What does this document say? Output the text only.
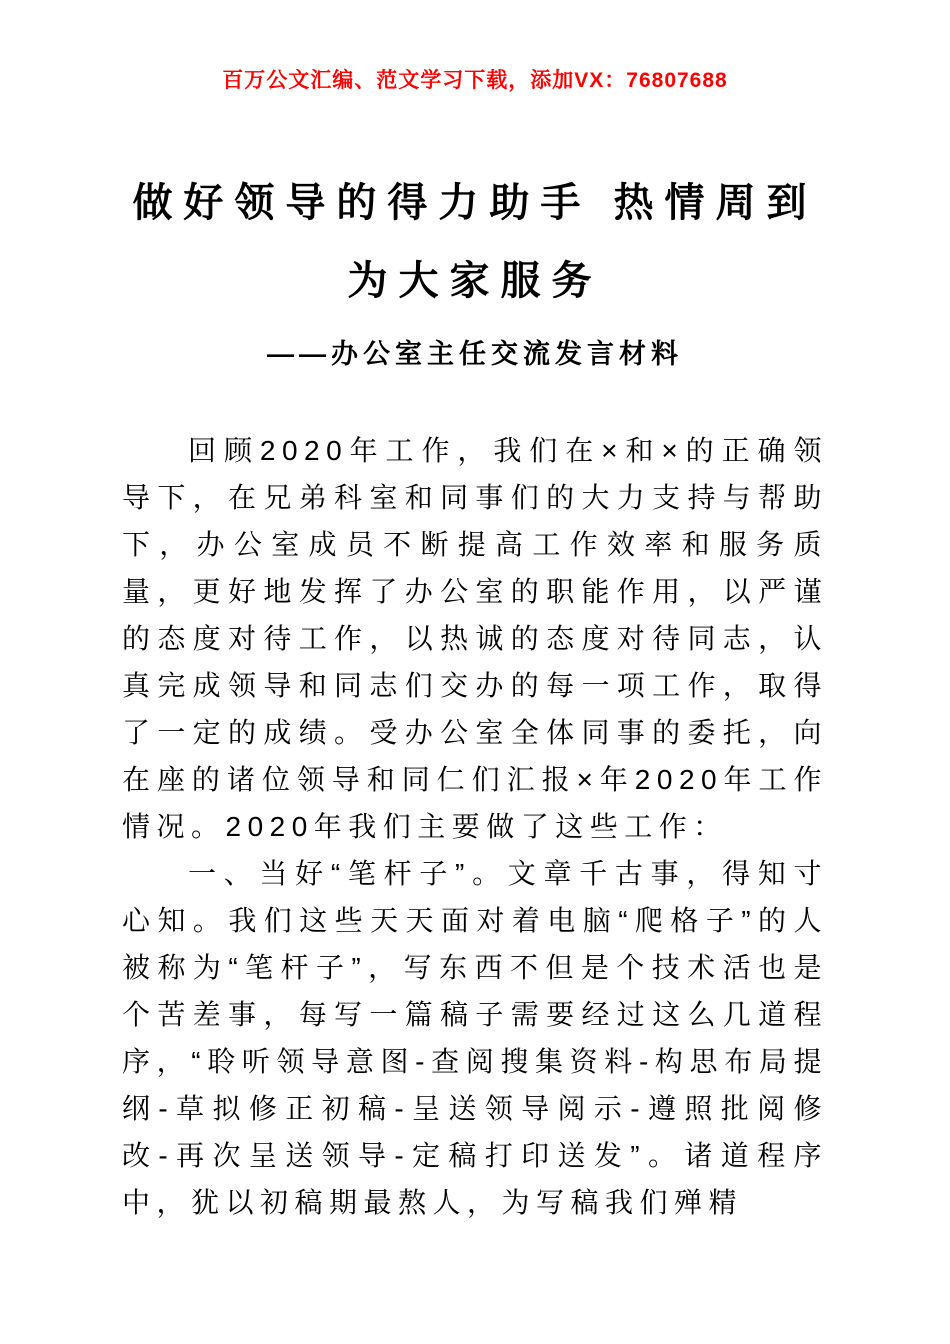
百万公文汇编、范文学习下载，添加VX：76807688
做好领导的得力助手 热情周到
为大家服务
——办公室主任交流发言材料

回顾2020年工作，我们在×和×的正确领导下，在兄弟科室和同事们的大力支持与帮助下，办公室成员不断提高工作效率和服务质量，更好地发挥了办公室的职能作用，以严谨的态度对待工作，以热诚的态度对待同志，认真完成领导和同志们交办的每一项工作，取得了一定的成绩。受办公室全体同事的委托，向在座的诸位领导和同仁们汇报×年2020年工作情况。2020年我们主要做了这些工作：

一、当好“笔杆子”。文章千古事，得知寸心知。我们这些天天面对着电脑“爬格子”的人被称为“笔杆子”，写东西不但是个技术活也是个苦差事，每写一篇稿子需要经过这么几道程序，“聆听领导意图-查阅搜集资料-构思布局提纲-草拟修正初稿-呈送领导阅示-遵照批阅修改-再次呈送领导-定稿打印送发”。诸道程序中，犹以初稿期最熬人，为写稿我们殚精
